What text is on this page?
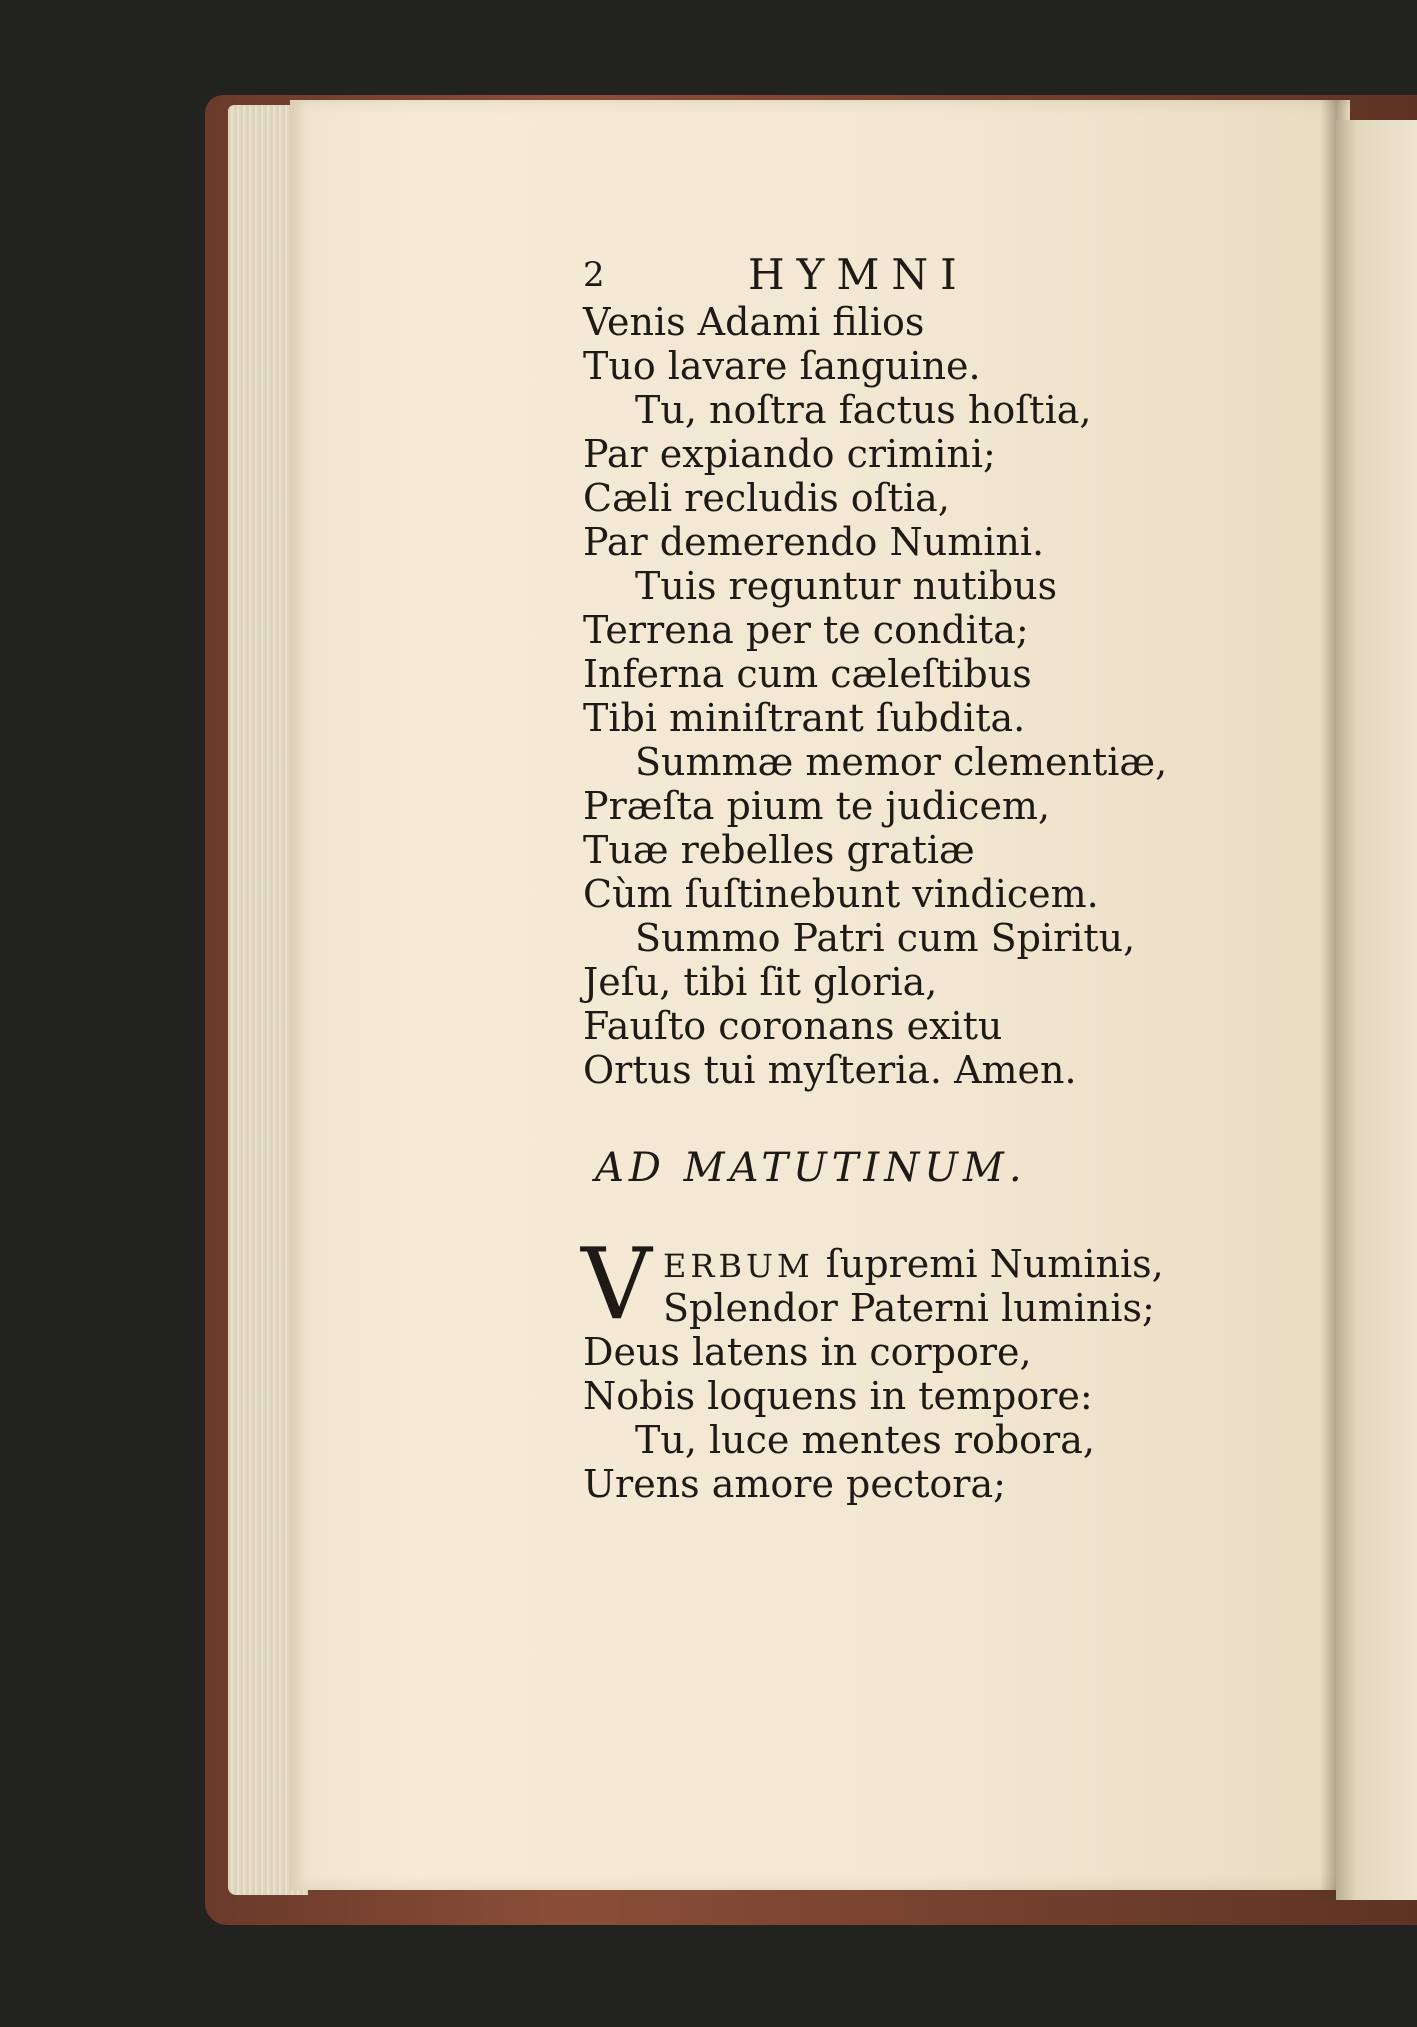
2	HYMNI
Venis Adami filios
Tuo lavare ſanguine.
Tu, noſtra factus hoſtia,
Par expiando crimini;
Cæli recludis oſtia,
Par demerendo Numini.
Tuis reguntur nutibus
Terrena per te condita;
Inferna cum cæleſtibus
Tibi miniſtrant ſubdita.
Summæ memor clementiæ,
Præſta pium te judicem,
Tuæ rebelles gratiæ
Cùm ſuſtinebunt vindicem.
Summo Patri cum Spiritu,
Jeſu, tibi ſit gloria,
Fauſto coronans exitu
Ortus tui myſteria. Amen.
AD MATUTINUM.
V ERBUM ſupremi Numinis,
Splendor Paterni luminis;
Deus latens in corpore,
Nobis loquens in tempore:
Tu, luce mentes robora,
Urens amore pectora;
